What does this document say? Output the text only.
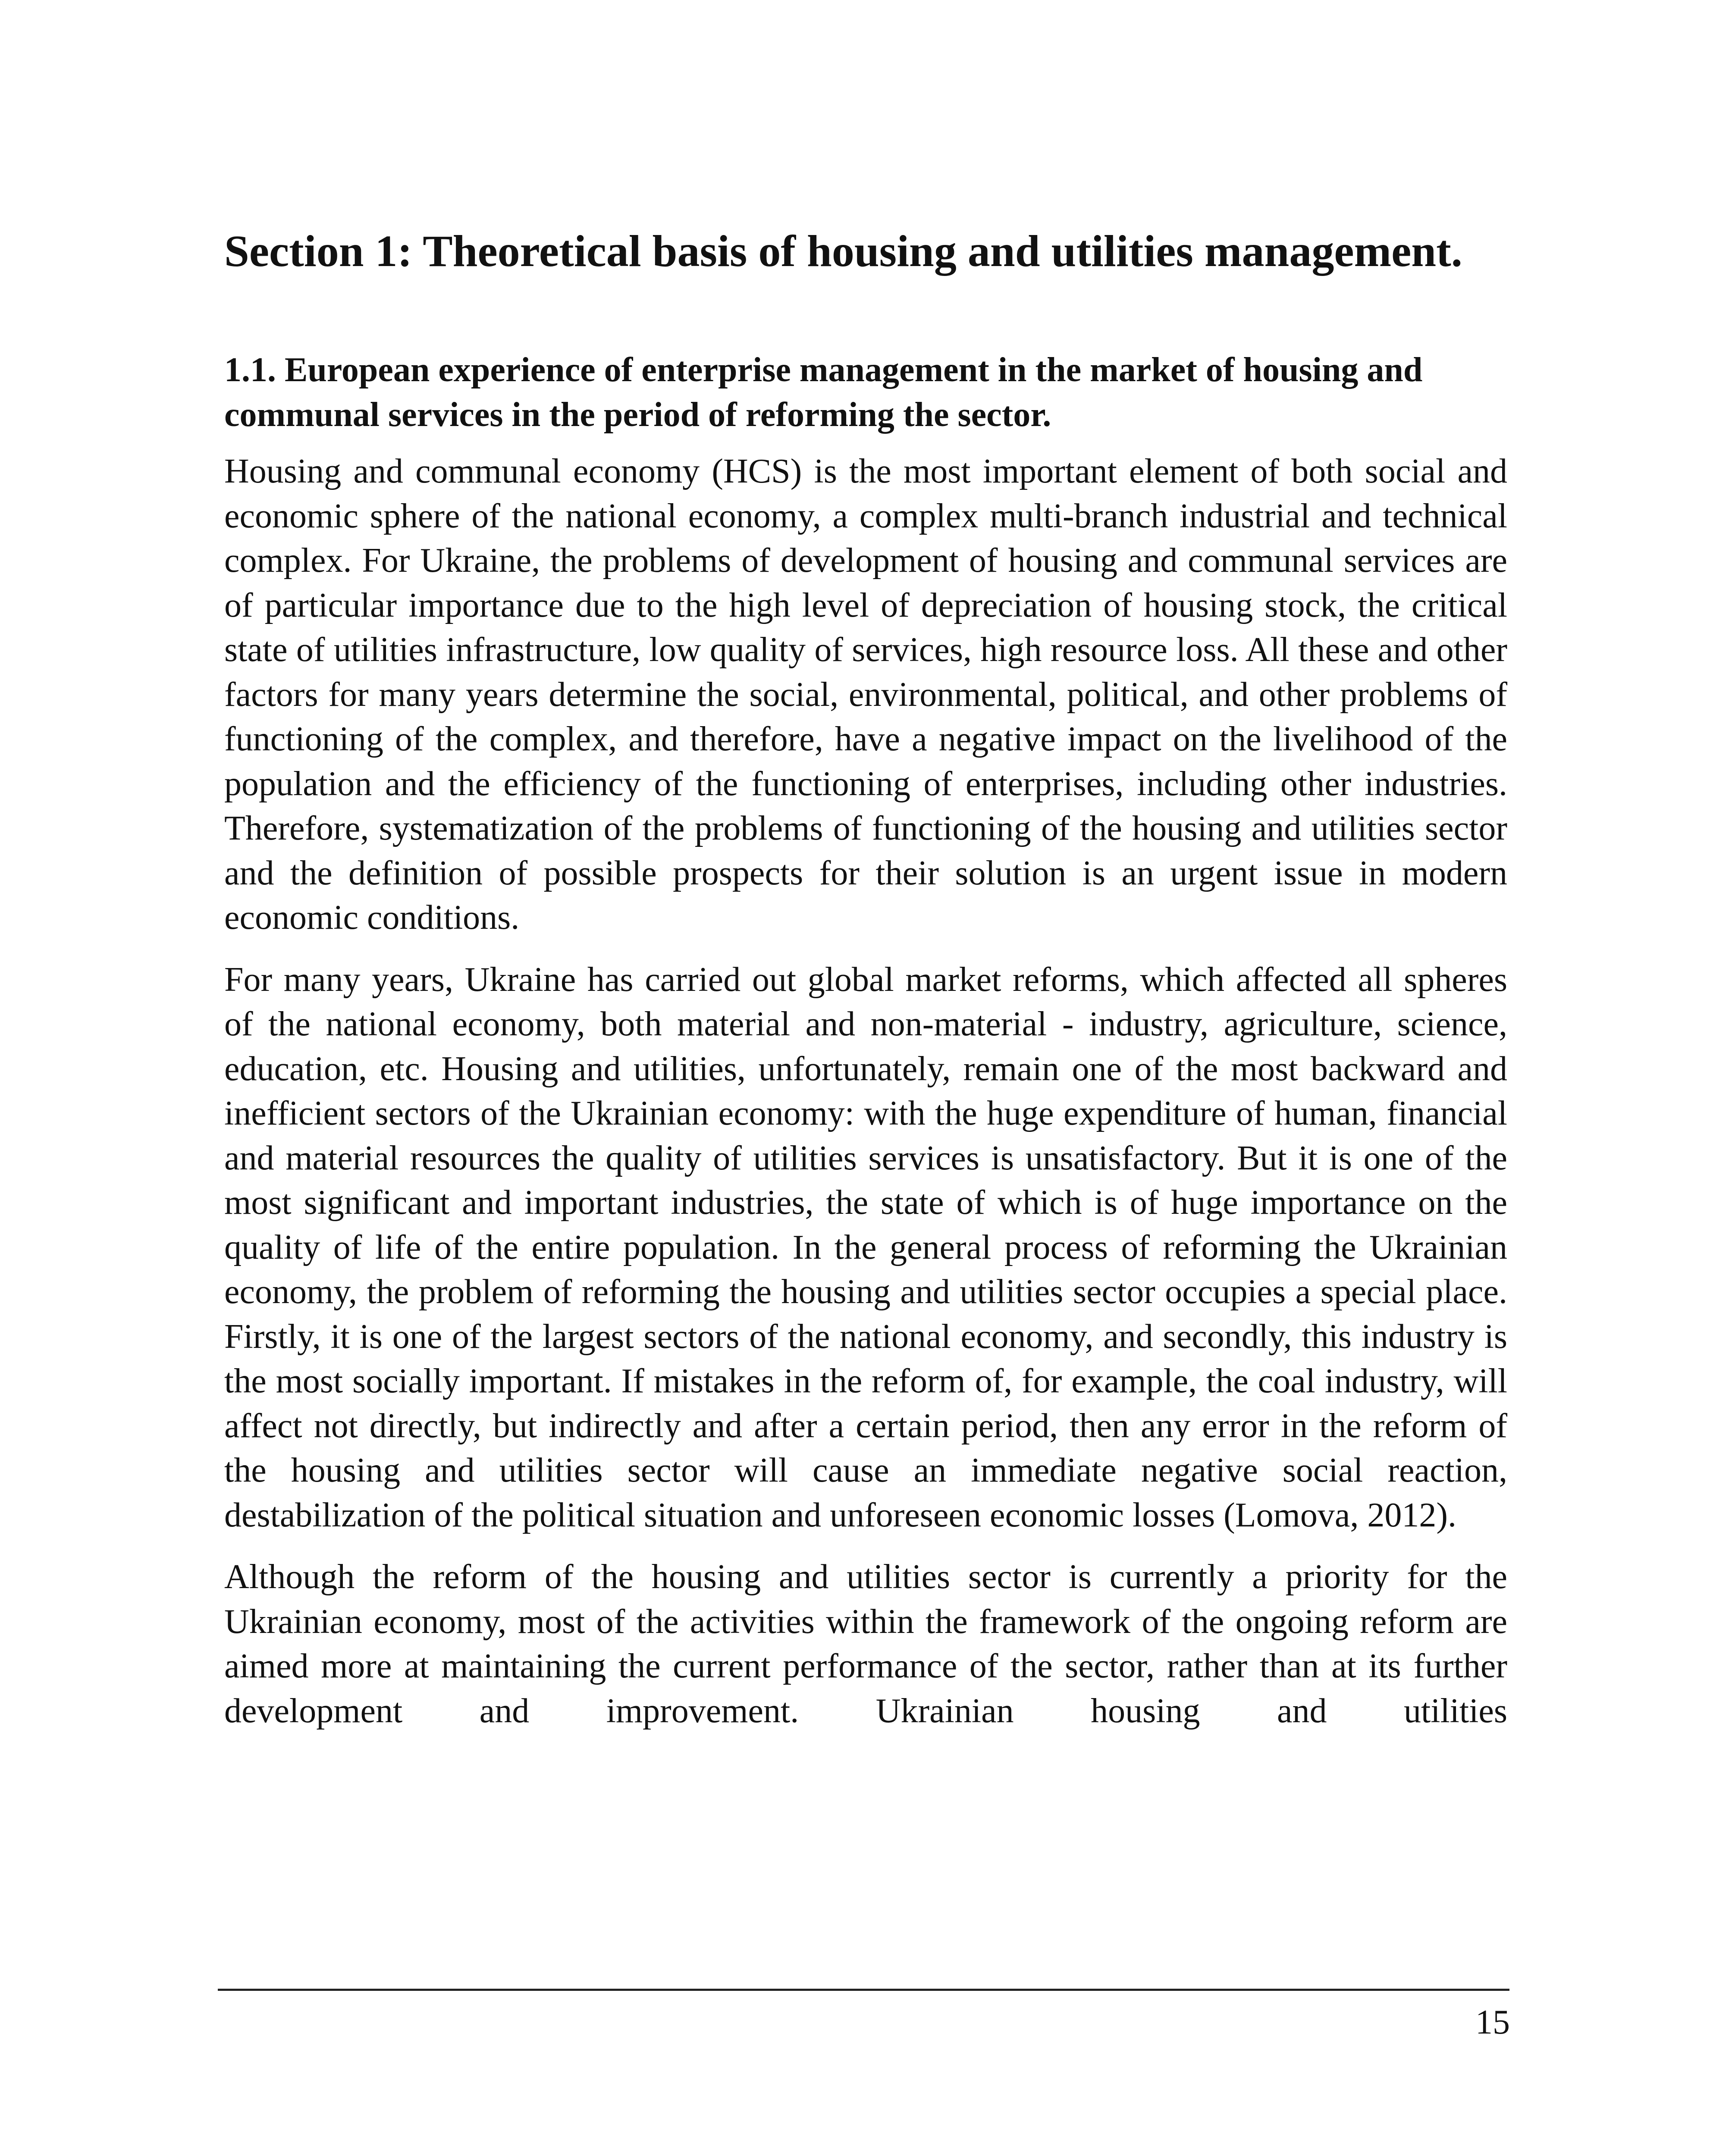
Section 1: Theoretical basis of housing and utilities management.
1.1. European experience of enterprise management in the market of housing and communal services in the period of reforming the sector.

Housing and communal economy (HCS) is the most important element of both social and economic sphere of the national economy, a complex multi-branch industrial and technical complex. For Ukraine, the problems of development of housing and communal services are of particular importance due to the high level of depreciation of housing stock, the critical state of utilities infrastructure, low quality of services, high resource loss. All these and other factors for many years determine the social, environmental, political, and other problems of functioning of the complex, and therefore, have a negative impact on the livelihood of the population and the efficiency of the functioning of enterprises, including other industries. Therefore, systematization of the problems of functioning of the housing and utilities sector and the definition of possible prospects for their solution is an urgent issue in modern economic conditions.

For many years, Ukraine has carried out global market reforms, which affected all spheres of the national economy, both material and non-material - industry, agriculture, science, education, etc. Housing and utilities, unfortunately, remain one of the most backward and inefficient sectors of the Ukrainian economy: with the huge expenditure of human, financial and material resources the quality of utilities services is unsatisfactory. But it is one of the most significant and important industries, the state of which is of huge importance on the quality of life of the entire population. In the general process of reforming the Ukrainian economy, the problem of reforming the housing and utilities sector occupies a special place. Firstly, it is one of the largest sectors of the national economy, and secondly, this industry is the most socially important. If mistakes in the reform of, for example, the coal industry, will affect not directly, but indirectly and after a certain period, then any error in the reform of the housing and utilities sector will cause an immediate negative social reaction, destabilization of the political situation and unforeseen economic losses (Lomova, 2012).

Although the reform of the housing and utilities sector is currently a priority for the Ukrainian economy, most of the activities within the framework of the ongoing reform are aimed more at maintaining the current performance of the sector, rather than at its further development and improvement. Ukrainian housing and utilities

15
